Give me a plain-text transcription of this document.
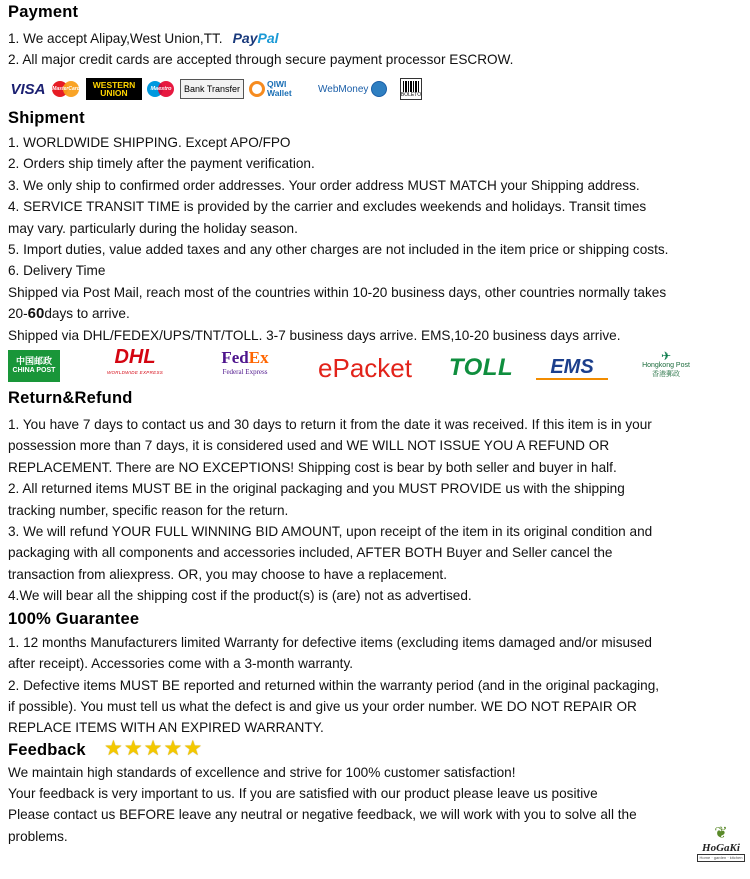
Payment
1. We accept Alipay,West Union,TT. PayPal
2. All major credit cards are accepted through secure payment processor ESCROW.
VISA	MasterCard WESTERN
UNION	Maestro	Bank Transfer	QIWI
Wallet	WebMoney	BOLETO
Shipment
1. WORLDWIDE SHIPPING. Except APO/FPO
2. Orders ship timely after the payment verification.
3. We only ship to confirmed order addresses. Your order address MUST MATCH your Shipping address.
4. SERVICE TRANSIT TIME is provided by the carrier and excludes weekends and holidays. Transit times
may vary. particularly during the holiday season.
5. Import duties, value added taxes and any other charges are not included in the item price or shipping costs.
6. Delivery Time
Shipped via Post Mail, reach most of the countries within 10-20 business days, other countries normally takes
20-60days to arrive.
Shipped via DHL/FEDEX/UPS/TNT/TOLL. 3-7 business days arrive. EMS,10-20 business days arrive.
中国邮政
CHINA POST
DHL
WORLDWIDE EXPRESS
FedEx
Federal Express	ePacket	TOLL	EMS	✈
Hongkong Post
香港郵政
Return&Refund
1. You have 7 days to contact us and 30 days to return it from the date it was received. If this item is in your
possession more than 7 days, it is considered used and WE WILL NOT ISSUE YOU A REFUND OR
REPLACEMENT. There are NO EXCEPTIONS! Shipping cost is bear by both seller and buyer in half.
2. All returned items MUST BE in the original packaging and you MUST PROVIDE us with the shipping
tracking number, specific reason for the return.
3. We will refund YOUR FULL WINNING BID AMOUNT, upon receipt of the item in its original condition and
packaging with all components and accessories included, AFTER BOTH Buyer and Seller cancel the
transaction from aliexpress. OR, you may choose to have a replacement.
4.We will bear all the shipping cost if the product(s) is (are) not as advertised.
100% Guarantee
1. 12 months Manufacturers limited Warranty for defective items (excluding items damaged and/or misused
after receipt). Accessories come with a 3-month warranty.
2. Defective items MUST BE reported and returned within the warranty period (and in the original packaging,
if possible). You must tell us what the defect is and give us your order number. WE DO NOT REPAIR OR
REPLACE ITEMS WITH AN EXPIRED WARRANTY.
Feedback ★ ★ ★ ★ ★
We maintain high standards of excellence and strive for 100% customer satisfaction!
Your feedback is very important to us. If you are satisfied with our product please leave us positive
Please contact us BEFORE leave any neutral or negative feedback, we will work with you to solve all the
problems.	❦
HoGaKi
Home · garden · kitchen
